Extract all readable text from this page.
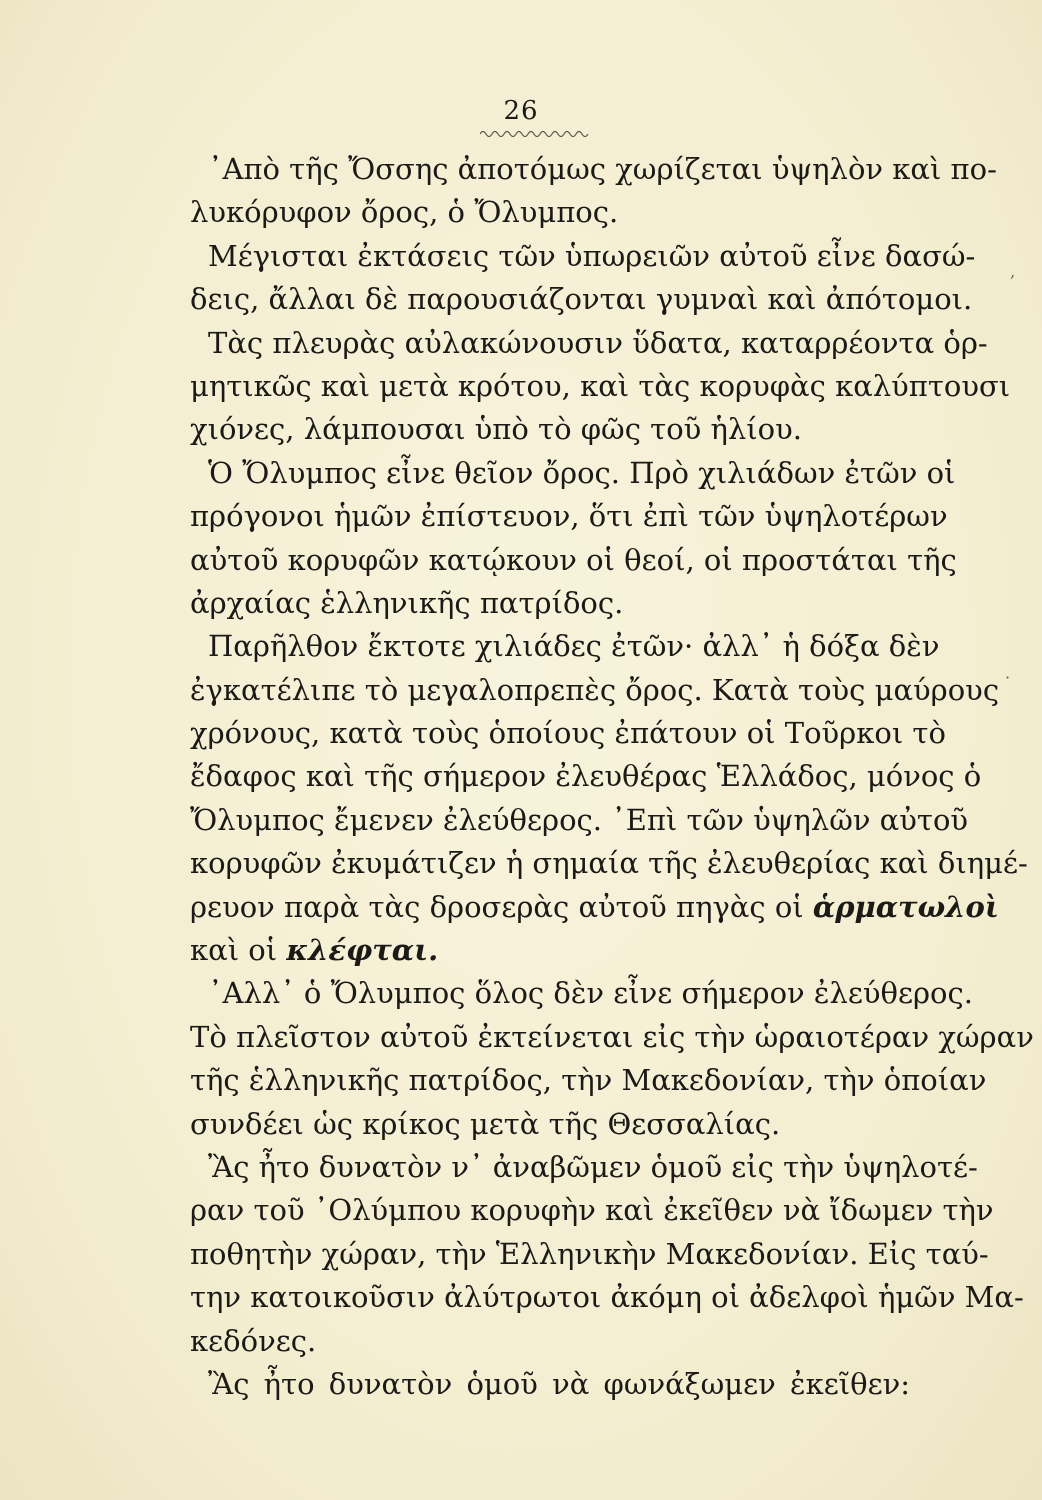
26
᾿Απὸ τῆς Ὄσσης ἀποτόμως χωρίζεται ὑψηλὸν καὶ πο-
λυκόρυφον ὄρος, ὁ Ὄλυμπος.
Μέγισται ἐκτάσεις τῶν ὑπωρειῶν αὐτοῦ εἶνε δασώ-
δεις, ἄλλαι δὲ παρουσιάζονται γυμναὶ καὶ ἀπότομοι.
Τὰς πλευρὰς αὐλακώνουσιν ὕδατα, καταρρέοντα ὁρ-
μητικῶς καὶ μετὰ κρότου, καὶ τὰς κορυφὰς καλύπτουσι
χιόνες, λάμπουσαι ὑπὸ τὸ φῶς τοῦ ἡλίου.
Ὁ Ὄλυμπος εἶνε θεῖον ὄρος. Πρὸ χιλιάδων ἐτῶν οἱ
πρόγονοι ἡμῶν ἐπίστευον, ὅτι ἐπὶ τῶν ὑψηλοτέρων
αὐτοῦ κορυφῶν κατῴκουν οἱ θεοί, οἱ προστάται τῆς
ἀρχαίας ἑλληνικῆς πατρίδος.
Παρῆλθον ἔκτοτε χιλιάδες ἐτῶν· ἀλλ᾿ ἡ δόξα δὲν
ἐγκατέλιπε τὸ μεγαλοπρεπὲς ὄρος. Κατὰ τοὺς μαύρους
χρόνους, κατὰ τοὺς ὁποίους ἐπάτουν οἱ Τοῦρκοι τὸ
ἔδαφος καὶ τῆς σήμερον ἐλευθέρας Ἑλλάδος, μόνος ὁ
Ὄλυμπος ἔμενεν ἐλεύθερος. ᾿Επὶ τῶν ὑψηλῶν αὐτοῦ
κορυφῶν ἐκυμάτιζεν ἡ σημαία τῆς ἐλευθερίας καὶ διημέ-
ρευον παρὰ τὰς δροσερὰς αὐτοῦ πηγὰς οἱ ἁρματωλοὶ
καὶ οἱ κλέφται.
᾿Αλλ᾿ ὁ Ὄλυμπος ὅλος δὲν εἶνε σήμερον ἐλεύθερος.
Τὸ πλεῖστον αὐτοῦ ἐκτείνεται εἰς τὴν ὡραιοτέραν χώραν
τῆς ἑλληνικῆς πατρίδος, τὴν Μακεδονίαν, τὴν ὁποίαν
συνδέει ὡς κρίκος μετὰ τῆς Θεσσαλίας.
Ἂς ἦτο δυνατὸν ν᾿ ἀναβῶμεν ὁμοῦ εἰς τὴν ὑψηλοτέ-
ραν τοῦ ᾿Ολύμπου κορυφὴν καὶ ἐκεῖθεν νὰ ἴδωμεν τὴν
ποθητὴν χώραν, τὴν Ἑλληνικὴν Μακεδονίαν. Εἰς ταύ-
την κατοικοῦσιν ἀλύτρωτοι ἀκόμη οἱ ἀδελφοὶ ἡμῶν Μα-
κεδόνες.
Ἂς ἦτο δυνατὸν ὁμοῦ νὰ φωνάξωμεν ἐκεῖθεν:
‚
·
